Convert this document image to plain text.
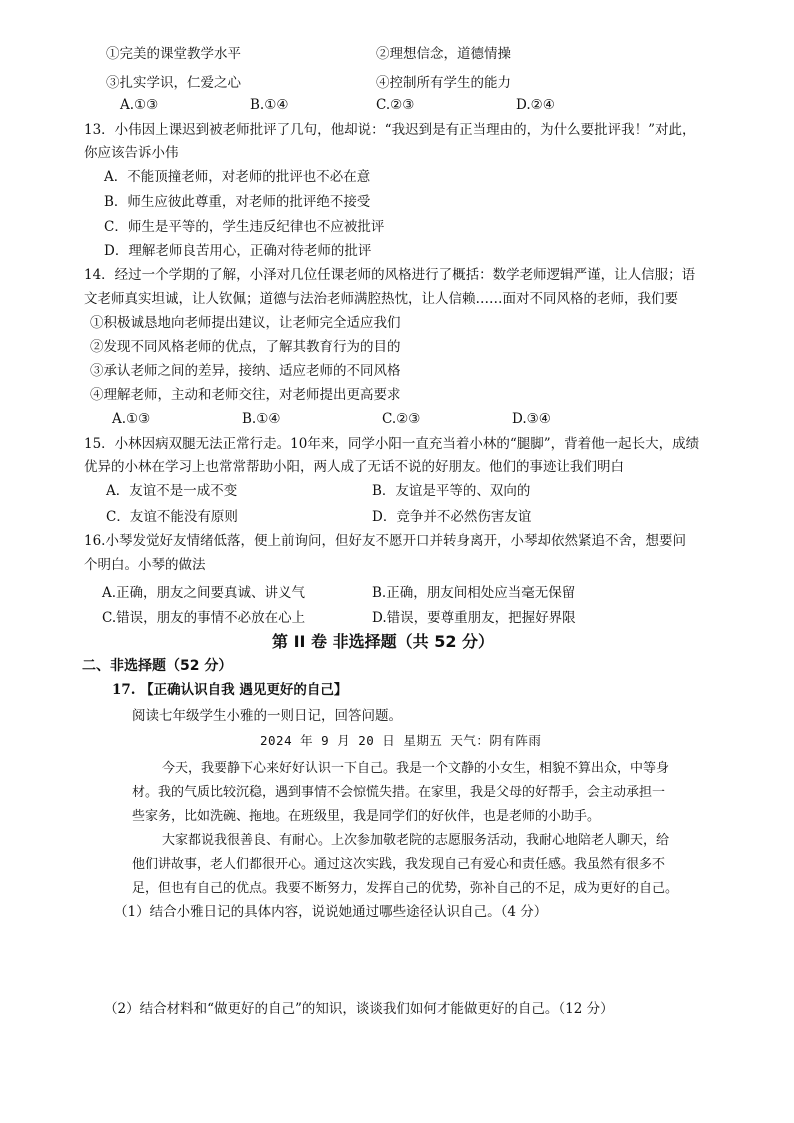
①完美的课堂教学水平	②理想信念，道德情操
③扎实学识，仁爱之心	④控制所有学生的能力
A.①③	B.①④	C.②③	D.②④
13．小伟因上课迟到被老师批评了几句，他却说：“我迟到是有正当理由的，为什么要批评我！”对此，
你应该告诉小伟
A．不能顶撞老师，对老师的批评也不必在意
B．师生应彼此尊重，对老师的批评绝不接受
C．师生是平等的，学生违反纪律也不应被批评
D．理解老师良苦用心，正确对待老师的批评
14．经过一个学期的了解，小泽对几位任课老师的风格进行了概括：数学老师逻辑严谨，让人信服；语
文老师真实坦诚，让人钦佩；道德与法治老师满腔热忱，让人信赖……面对不同风格的老师，我们要
①积极诚恳地向老师提出建议，让老师完全适应我们
②发现不同风格老师的优点，了解其教育行为的目的
③承认老师之间的差异，接纳、适应老师的不同风格
④理解老师，主动和老师交往，对老师提出更高要求
A.①③	B.①④	C.②③	D.③④
15．小林因病双腿无法正常行走。10年来，同学小阳一直充当着小林的“腿脚”，背着他一起长大，成绩
优异的小林在学习上也常常帮助小阳，两人成了无话不说的好朋友。他们的事迹让我们明白
A．友谊不是一成不变	B．友谊是平等的、双向的
C．友谊不能没有原则	D．竞争并不必然伤害友谊
16.小琴发觉好友情绪低落，便上前询问，但好友不愿开口并转身离开，小琴却依然紧追不舍，想要问
个明白。小琴的做法
A.正确，朋友之间要真诚、讲义气	B.正确，朋友间相处应当毫无保留
C.错误，朋友的事情不必放在心上	D.错误，要尊重朋友，把握好界限
第 II 卷 非选择题（共 52 分）
二、非选择题（52 分）
17. 【正确认识自我 遇见更好的自己】
阅读七年级学生小雅的一则日记，回答问题。
2024 年 9 月 20 日 星期五 天气：阴有阵雨
今天，我要静下心来好好认识一下自己。我是一个文静的小女生，相貌不算出众，中等身
材。我的气质比较沉稳，遇到事情不会惊慌失措。在家里，我是父母的好帮手，会主动承担一
些家务，比如洗碗、拖地。在班级里，我是同学们的好伙伴，也是老师的小助手。
大家都说我很善良、有耐心。上次参加敬老院的志愿服务活动，我耐心地陪老人聊天，给
他们讲故事，老人们都很开心。通过这次实践，我发现自己有爱心和责任感。我虽然有很多不
足，但也有自己的优点。我要不断努力，发挥自己的优势，弥补自己的不足，成为更好的自己。
（1）结合小雅日记的具体内容，说说她通过哪些途径认识自己。（4 分）
（2）结合材料和“做更好的自己”的知识，谈谈我们如何才能做更好的自己。（12 分）
